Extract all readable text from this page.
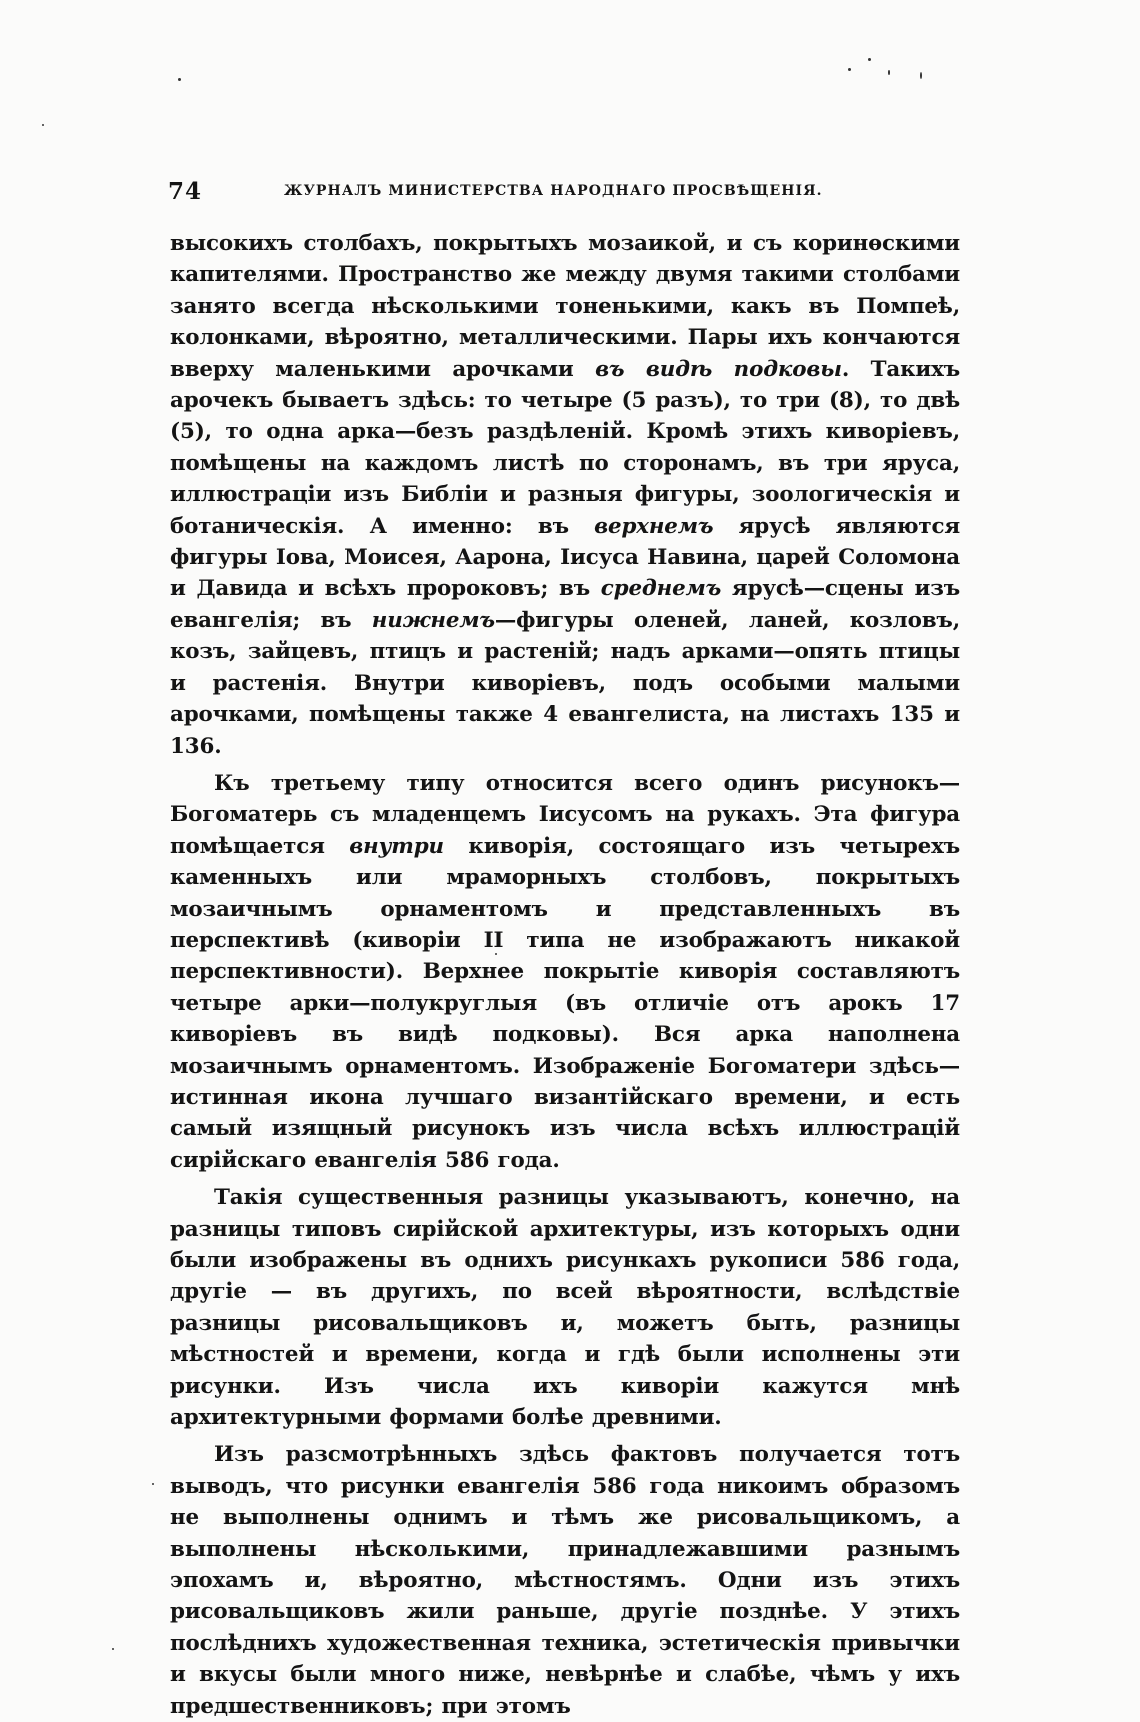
74	ЖУРНАЛЪ МИНИСТЕРСТВА НАРОДНАГО ПРОСВѢЩЕНІЯ.

высокихъ столбахъ, покрытыхъ мозаикой, и съ коринѳскими капителями. Пространство же между двумя такими столбами занято всегда нѣсколькими тоненькими, какъ въ Помпеѣ, колонками, вѣроятно, металлическими. Пары ихъ кончаются вверху маленькими арочками въ видѣ подковы. Такихъ арочекъ бываетъ здѣсь: то четыре (5 разъ), то три (8), то двѣ (5), то одна арка—безъ раздѣленій. Кромѣ этихъ киворіевъ, помѣщены на каждомъ листѣ по сторонамъ, въ три яруса, иллюстраціи изъ Библіи и разныя фигуры, зоологическія и ботаническія. А именно: въ верхнемъ ярусѣ являются фигуры Іова, Моисея, Аарона, Іисуса Навина, царей Соломона и Давида и всѣхъ пророковъ; въ среднемъ ярусѣ—сцены изъ евангелія; въ нижнемъ—фигуры оленей, ланей, козловъ, козъ, зайцевъ, птицъ и растеній; надъ арками—опять птицы и растенія. Внутри киворіевъ, подъ особыми малыми арочками, помѣщены также 4 евангелиста, на листахъ 135 и 136.

Къ третьему типу относится всего одинъ рисунокъ—Богоматерь съ младенцемъ Іисусомъ на рукахъ. Эта фигура помѣщается внутри киворія, состоящаго изъ четырехъ каменныхъ или мраморныхъ столбовъ, покрытыхъ мозаичнымъ орнаментомъ и представленныхъ въ перспективѣ (киворіи II типа не изображаютъ никакой перспективности). Верхнее покрытіе киворія составляютъ четыре арки—полукруглыя (въ отличіе отъ арокъ 17 киворіевъ въ видѣ подковы). Вся арка наполнена мозаичнымъ орнаментомъ. Изображеніе Богоматери здѣсь—истинная икона лучшаго византійскаго времени, и есть самый изящный рисунокъ изъ числа всѣхъ иллюстрацій сирійскаго евангелія 586 года.

Такія существенныя разницы указываютъ, конечно, на разницы типовъ сирійской архитектуры, изъ которыхъ одни были изображены въ однихъ рисункахъ рукописи 586 года, другіе — въ другихъ, по всей вѣроятности, вслѣдствіе разницы рисовальщиковъ и, можетъ быть, разницы мѣстностей и времени, когда и гдѣ были исполнены эти рисунки. Изъ числа ихъ киворіи кажутся мнѣ архитектурными формами болѣе древними.

Изъ разсмотрѣнныхъ здѣсь фактовъ получается тотъ выводъ, что рисунки евангелія 586 года никоимъ образомъ не выполнены однимъ и тѣмъ же рисовальщикомъ, а выполнены нѣсколькими, принадлежавшими разнымъ эпохамъ и, вѣроятно, мѣстностямъ. Одни изъ этихъ рисовальщиковъ жили раньше, другіе позднѣе. У этихъ послѣднихъ художественная техника, эстетическія привычки и вкусы были много ниже, невѣрнѣе и слабѣе, чѣмъ у ихъ предшественниковъ; при этомъ
